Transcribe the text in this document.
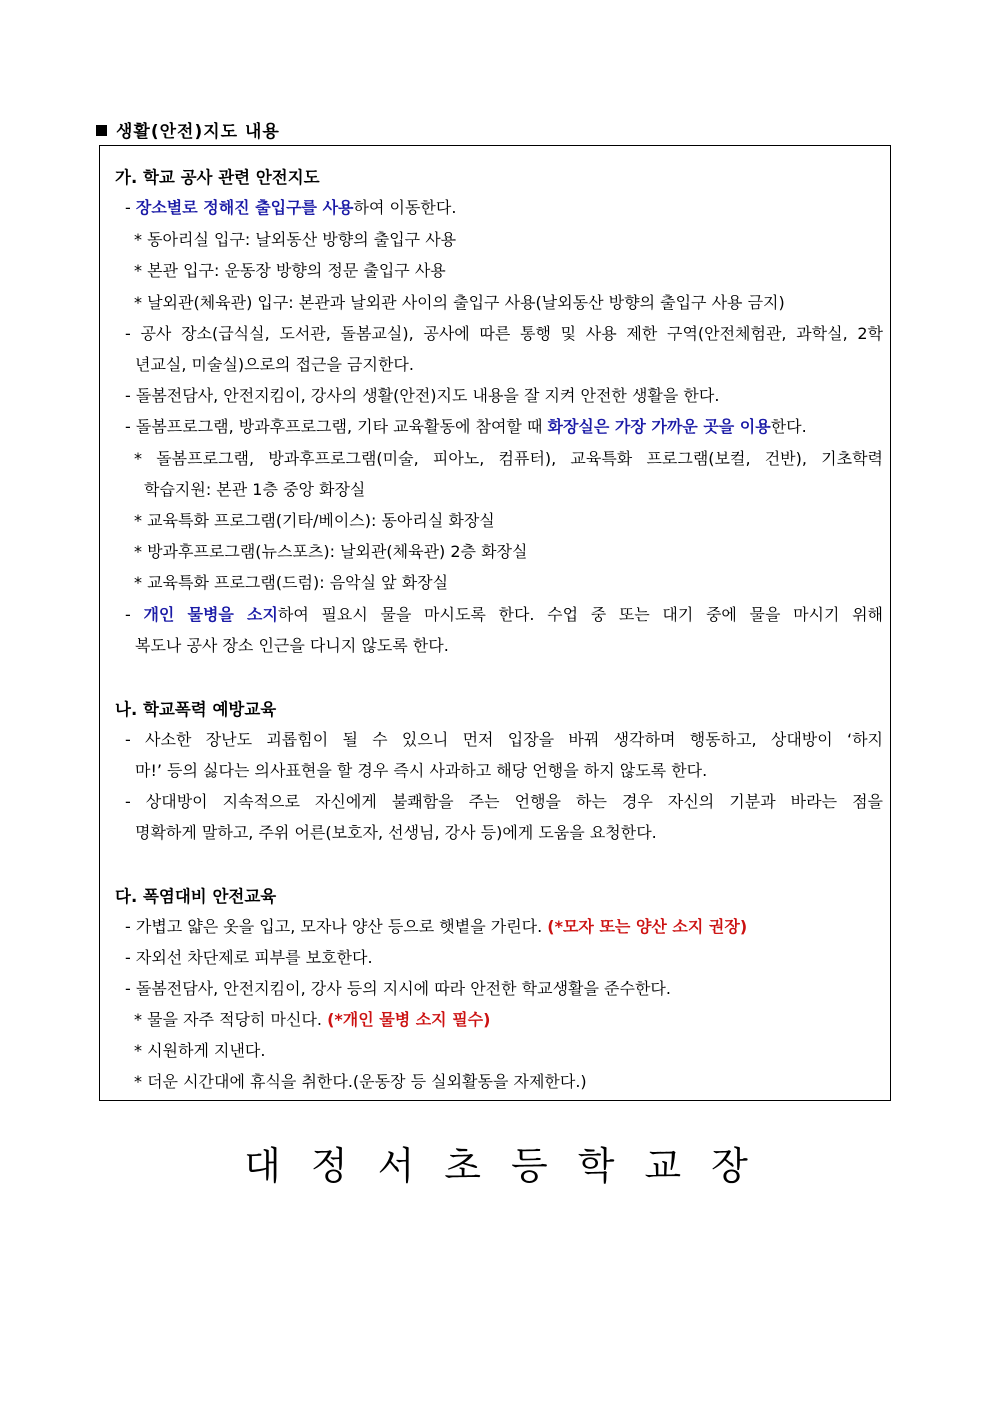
생활(안전)지도 내용
가. 학교 공사 관련 안전지도
- 장소별로 정해진 출입구를 사용하여 이동한다.
* 동아리실 입구: 날외동산 방향의 출입구 사용
* 본관 입구: 운동장 방향의 정문 출입구 사용
* 날외관(체육관) 입구: 본관과 날외관 사이의 출입구 사용(날외동산 방향의 출입구 사용 금지)
- 공사 장소(급식실, 도서관, 돌봄교실), 공사에 따른 통행 및 사용 제한 구역(안전체험관, 과학실, 2학
년교실, 미술실)으로의 접근을 금지한다.
- 돌봄전담사, 안전지킴이, 강사의 생활(안전)지도 내용을 잘 지켜 안전한 생활을 한다.
- 돌봄프로그램, 방과후프로그램, 기타 교육활동에 참여할 때 화장실은 가장 가까운 곳을 이용한다.
* 돌봄프로그램, 방과후프로그램(미술, 피아노, 컴퓨터), 교육특화 프로그램(보컬, 건반), 기초학력
학습지원: 본관 1층 중앙 화장실
* 교육특화 프로그램(기타/베이스): 동아리실 화장실
* 방과후프로그램(뉴스포츠): 날외관(체육관) 2층 화장실
* 교육특화 프로그램(드럼): 음악실 앞 화장실
- 개인 물병을 소지하여 필요시 물을 마시도록 한다. 수업 중 또는 대기 중에 물을 마시기 위해
복도나 공사 장소 인근을 다니지 않도록 한다.
나. 학교폭력 예방교육
- 사소한 장난도 괴롭힘이 될 수 있으니 먼저 입장을 바꿔 생각하며 행동하고, 상대방이 ‘하지
마!’ 등의 싫다는 의사표현을 할 경우 즉시 사과하고 해당 언행을 하지 않도록 한다.
- 상대방이 지속적으로 자신에게 불쾌함을 주는 언행을 하는 경우 자신의 기분과 바라는 점을
명확하게 말하고, 주위 어른(보호자, 선생님, 강사 등)에게 도움을 요청한다.
다. 폭염대비 안전교육
- 가볍고 얇은 옷을 입고, 모자나 양산 등으로 햇볕을 가린다. (*모자 또는 양산 소지 권장)
- 자외선 차단제로 피부를 보호한다.
- 돌봄전담사, 안전지킴이, 강사 등의 지시에 따라 안전한 학교생활을 준수한다.
* 물을 자주 적당히 마신다. (*개인 물병 소지 필수)
* 시원하게 지낸다.
* 더운 시간대에 휴식을 취한다.(운동장 등 실외활동을 자제한다.)
대정서초등학교장
